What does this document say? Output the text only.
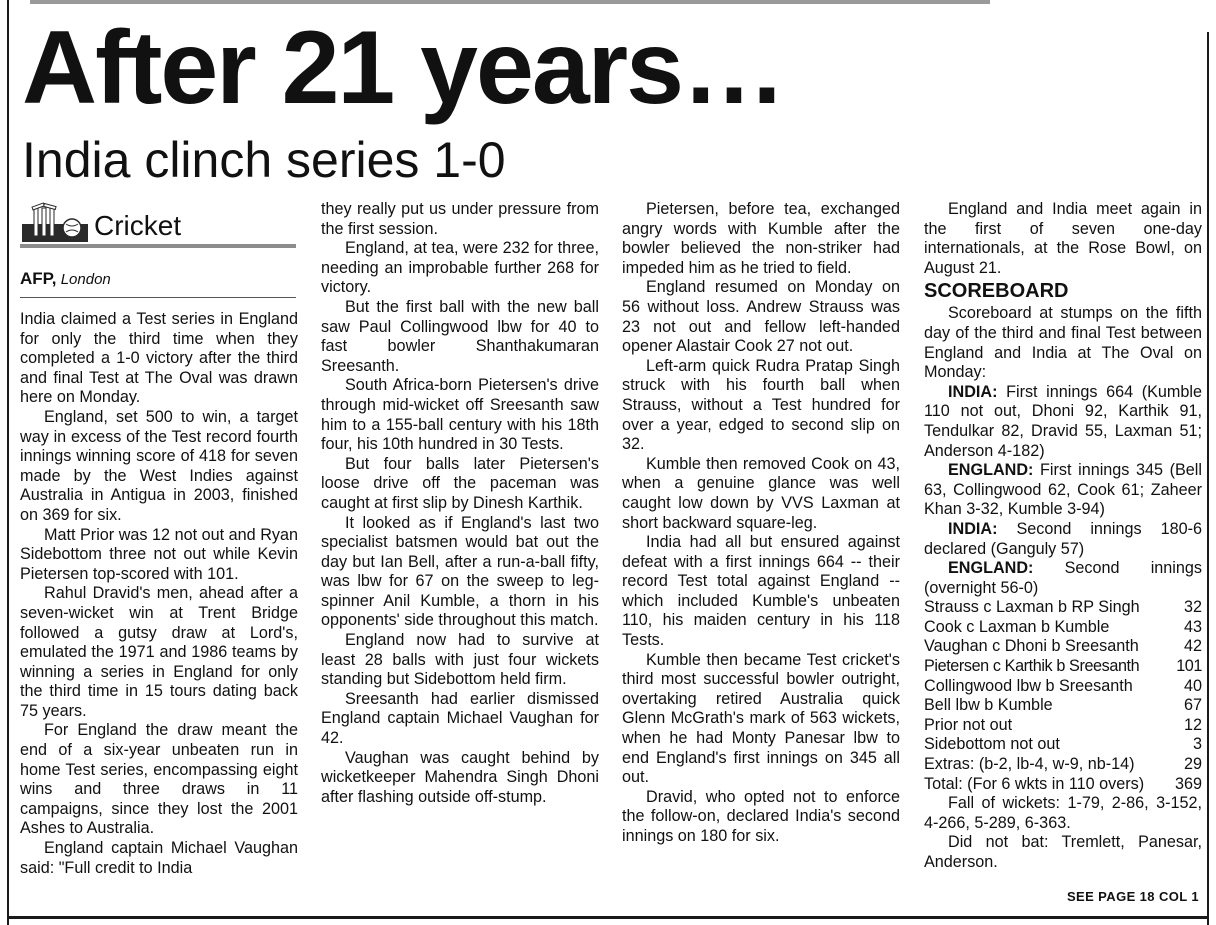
After 21 years…
India clinch series 1-0
Cricket
AFP, London

India claimed a Test series in England for only the third time when they completed a 1-0 victory after the third and final Test at The Oval was drawn here on Monday.

England, set 500 to win, a target way in excess of the Test record fourth innings winning score of 418 for seven made by the West Indies against Australia in Antigua in 2003, finished on 369 for six.

Matt Prior was 12 not out and Ryan Sidebottom three not out while Kevin Pietersen top-scored with 101.

Rahul Dravid's men, ahead after a seven-wicket win at Trent Bridge followed a gutsy draw at Lord's, emulated the 1971 and 1986 teams by winning a series in England for only the third time in 15 tours dating back 75 years.

For England the draw meant the end of a six-year unbeaten run in home Test series, encompassing eight wins and three draws in 11 campaigns, since they lost the 2001 Ashes to Australia.

England captain Michael Vaughan said: "Full credit to India

they really put us under pressure from the first session.

England, at tea, were 232 for three, needing an improbable further 268 for victory.

But the first ball with the new ball saw Paul Collingwood lbw for 40 to fast bowler Shanthakumaran Sreesanth.

South Africa-born Pietersen's drive through mid-wicket off Sreesanth saw him to a 155-ball century with his 18th four, his 10th hundred in 30 Tests.

But four balls later Pietersen's loose drive off the paceman was caught at first slip by Dinesh Karthik.

It looked as if England's last two specialist batsmen would bat out the day but Ian Bell, after a run-a-ball fifty, was lbw for 67 on the sweep to leg-spinner Anil Kumble, a thorn in his opponents' side throughout this match.

England now had to survive at least 28 balls with just four wickets standing but Sidebottom held firm.

Sreesanth had earlier dismissed England captain Michael Vaughan for 42.

Vaughan was caught behind by wicketkeeper Mahendra Singh Dhoni after flashing outside off-stump.

Pietersen, before tea, exchanged angry words with Kumble after the bowler believed the non-striker had impeded him as he tried to field.

England resumed on Monday on 56 without loss. Andrew Strauss was 23 not out and fellow left-handed opener Alastair Cook 27 not out.

Left-arm quick Rudra Pratap Singh struck with his fourth ball when Strauss, without a Test hundred for over a year, edged to second slip on 32.

Kumble then removed Cook on 43, when a genuine glance was well caught low down by VVS Laxman at short backward square-leg.

India had all but ensured against defeat with a first innings 664 -- their record Test total against England -- which included Kumble's unbeaten 110, his maiden century in his 118 Tests.

Kumble then became Test cricket's third most successful bowler outright, overtaking retired Australia quick Glenn McGrath's mark of 563 wickets, when he had Monty Panesar lbw to end England's first innings on 345 all out.

Dravid, who opted not to enforce the follow-on, declared India's second innings on 180 for six.

England and India meet again in the first of seven one-day internationals, at the Rose Bowl, on August 21.

SCOREBOARD

Scoreboard at stumps on the fifth day of the third and final Test between England and India at The Oval on Monday:

INDIA: First innings 664 (Kumble 110 not out, Dhoni 92, Karthik 91, Tendulkar 82, Dravid 55, Laxman 51; Anderson 4-182)

ENGLAND: First innings 345 (Bell 63, Collingwood 62, Cook 61; Zaheer Khan 3-32, Kumble 3-94)

INDIA: Second innings 180-6 declared (Ganguly 57)

ENGLAND: Second innings (overnight 56-0)

Strauss c Laxman b RP Singh	32
Cook c Laxman b Kumble	43
Vaughan c Dhoni b Sreesanth	42
Pietersen c Karthik b Sreesanth 101
Collingwood lbw b Sreesanth	40
Bell lbw b Kumble	67
Prior not out	12
Sidebottom not out	3
Extras: (b-2, lb-4, w-9, nb-14)	29
Total: (For 6 wkts in 110 overs) 369

Fall of wickets: 1-79, 2-86, 3-152, 4-266, 5-289, 6-363.

Did not bat: Tremlett, Panesar, Anderson.

SEE PAGE 18 COL 1
